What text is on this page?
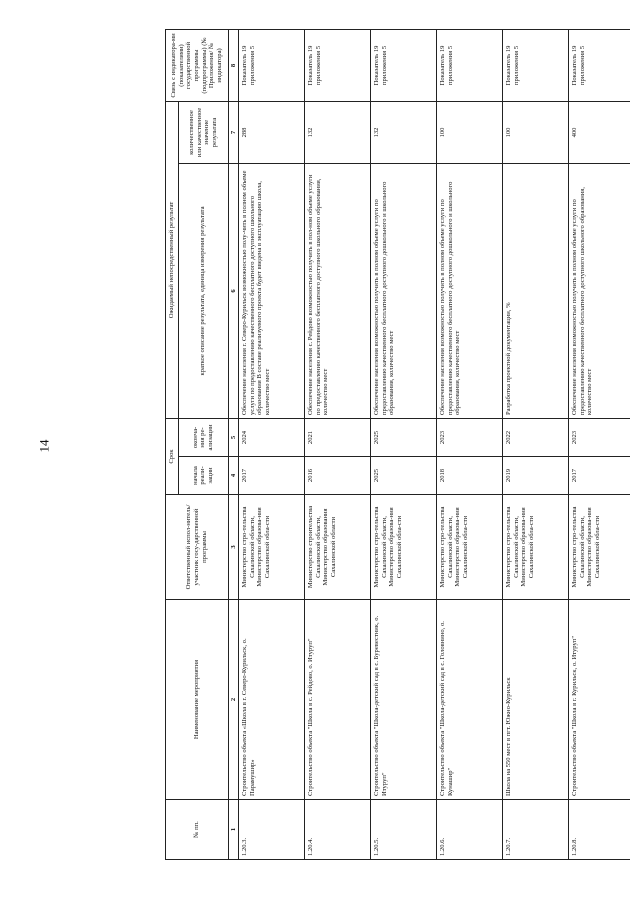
14
№ пп.	Наименование мероприятия	Ответственный испол-нитель/участник госу-дарственной программы	Срок		Ожидаемый непосредственный результат		Связь с индикатора-ми (показателями) государственной программы (подпрограммы) (№ Приложения/ № индикатора)
			начала реали-зации	оконча-ния ре-ализации	краткое описание результата, единица измерения результата	количественное или качественное значение результата	

1	2	3	4	5	6	7	8
1.20.3.	Строительство объекта «Школа в г. Северо-Курильск, о. Парамушир»	Министерство стро-тельства Сахалинской области, Министерство образова-ния Сахалинской обла-сти	2017	2024	Обеспечение населения г. Северо-Курильск возможностью полу-чить в полном объеме услуги по предоставлению качественного бесплатного доступного школьного образования В составе реализуемого проекта будет введена в эксплуатацию школа, количество мест	288	Показатель 19 приложения 5
1.20.4.	Строительство объекта "Школа в с. Рейдово, о. Итуруп"	Министерство строительства Сахалинской области, Министерство образования Сахалинской области	2016	2021	Обеспечение населения с. Рейдово возможностью получить в пол-ном объеме услуги по предоставлению качественного бесплатного доступного школьного образования, количество мест	132	Показатель 19 приложения 5
1.20.5.	Строительство объекта "Школа-детский сад в с. Буревестник, о. Итуруп"	Министерство стро-тельства Сахалинской области, Министерство образова-ния Сахалинской обла-сти	2025	2025	Обеспечение населения возможностью получить в полном объеме услуги по предоставлению качественного бесплатного доступного дошкольного и школьного образования, количество мест	132	Показатель 19 приложения 5
1.20.6.	Строительство объекта "Школа-детский сад в с. Головнино, о. Кунашир"	Министерство стро-тельства Сахалинской области, Министерство образова-ния Сахалинской обла-сти	2018	2023	Обеспечение населения возможностью получить в полном объеме услуги по предоставлению качественного бесплатного доступного дошкольного и школьного образования, количество мест	100	Показатель 19 приложения 5
1.20.7.	Школа на 550 мест в пгт. Южно-Курильск	Министерство стро-тельства Сахалинской области, Министерство образова-ния Сахалинской обла-сти	2019	2022	Разработка проектной документации, %	100	Показатель 19 приложения 5
1.20.8.	Строительство объекта "Школа в г. Курильск, о. Итуруп"	Министерство стро-тельства Сахалинской области, Министерство образова-ния Сахалинской обла-сти	2017	2023	Обеспечение населения возможностью получить в полном объеме услуги по предоставлению качественного бесплатного доступного школьного образования, количество мест	400	Показатель 19 приложения 5
